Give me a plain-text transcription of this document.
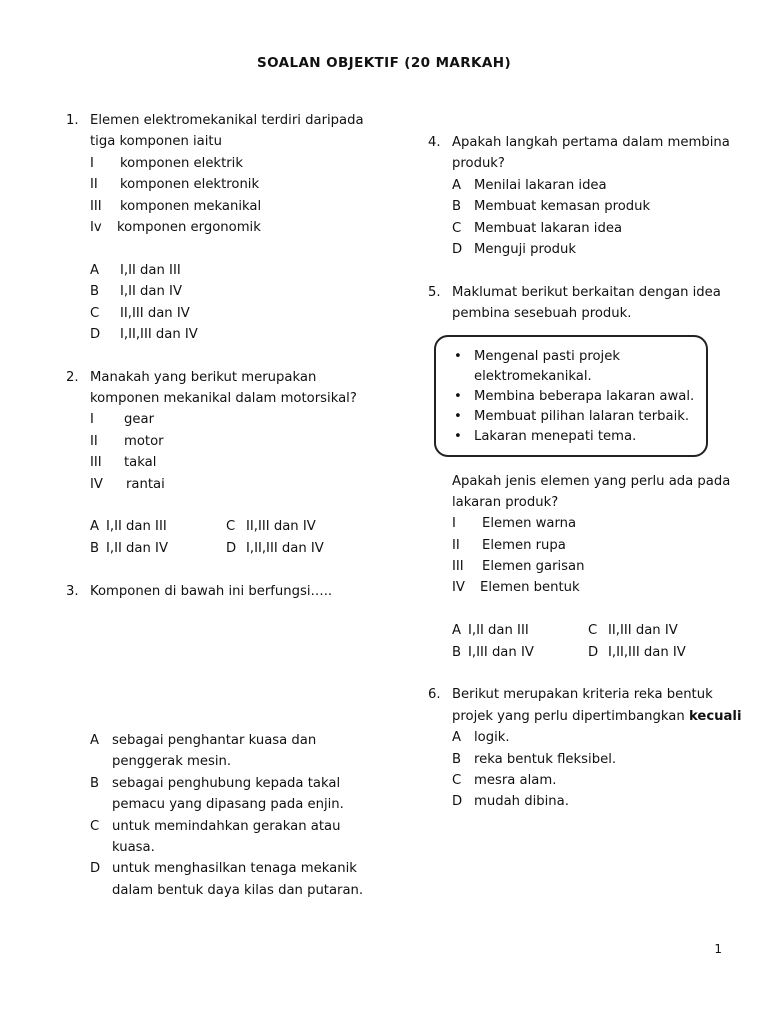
SOALAN OBJEKTIF (20 MARKAH)
1. Elemen elektromekanikal terdiri daripada
tiga komponen iaitu
I komponen elektrik
II komponen elektronik
III komponen mekanikal
Iv komponen ergonomik
A I,II dan III
B I,II dan IV
C II,III dan IV
D I,II,III dan IV
2. Manakah yang berikut merupakan
komponen mekanikal dalam motorsikal?
I gear
II motor
III takal
IV rantai
A I,II dan III	C II,III dan IV
B I,II dan IV	D I,II,III dan IV
3. Komponen di bawah ini berfungsi…..
A sebagai penghantar kuasa dan
penggerak mesin.
B sebagai penghubung kepada takal
pemacu yang dipasang pada enjin.
C untuk memindahkan gerakan atau
kuasa.
D untuk menghasilkan tenaga mekanik
dalam bentuk daya kilas dan putaran.
4. Apakah langkah pertama dalam membina
produk?
A Menilai lakaran idea
B Membuat kemasan produk
C Membuat lakaran idea
D Menguji produk
5. Maklumat berikut berkaitan dengan idea
pembina sesebuah produk.
Apakah jenis elemen yang perlu ada pada
lakaran produk?
I Elemen warna
II Elemen rupa
III Elemen garisan
IV Elemen bentuk
A I,II dan III	C II,III dan IV
B I,III dan IV	D I,II,III dan IV
6. Berikut merupakan kriteria reka bentuk
projek yang perlu dipertimbangkan kecuali
A logik.
B reka bentuk fleksibel.
C mesra alam.
D mudah dibina.
• Mengenal pasti projek elektromekanikal.
• Membina beberapa lakaran awal.
• Membuat pilihan lalaran terbaik.
• Lakaran menepati tema.
1
